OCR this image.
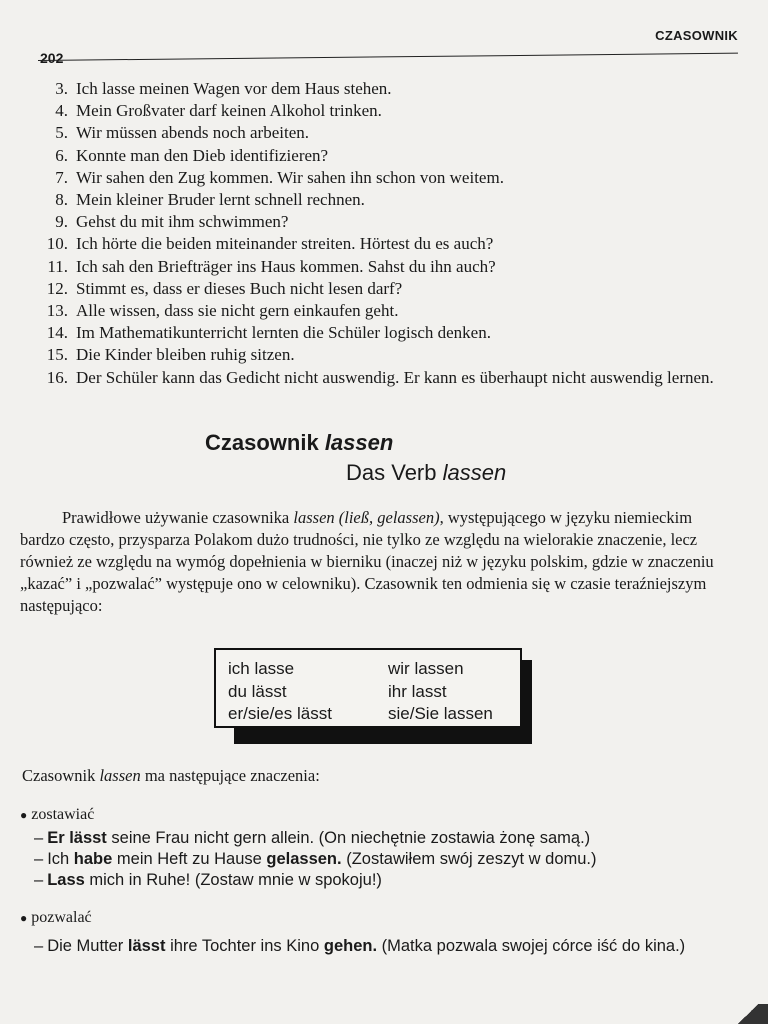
CZASOWNIK
202
3. Ich lasse meinen Wagen vor dem Haus stehen.
4. Mein Großvater darf keinen Alkohol trinken.
5. Wir müssen abends noch arbeiten.
6. Konnte man den Dieb identifizieren?
7. Wir sahen den Zug kommen. Wir sahen ihn schon von weitem.
8. Mein kleiner Bruder lernt schnell rechnen.
9. Gehst du mit ihm schwimmen?
10. Ich hörte die beiden miteinander streiten. Hörtest du es auch?
11. Ich sah den Briefträger ins Haus kommen. Sahst du ihn auch?
12. Stimmt es, dass er dieses Buch nicht lesen darf?
13. Alle wissen, dass sie nicht gern einkaufen geht.
14. Im Mathematikunterricht lernten die Schüler logisch denken.
15. Die Kinder bleiben ruhig sitzen.
16. Der Schüler kann das Gedicht nicht auswendig. Er kann es überhaupt nicht auswendig lernen.
Czasownik lassen
Das Verb lassen

Prawidłowe używanie czasownika lassen (ließ, gelassen), występującego w języku niemieckim bardzo często, przysparza Polakom dużo trudności, nie tylko ze względu na wielorakie znaczenie, lecz również ze względu na wymóg dopełnienia w bierniku (inaczej niż w języku polskim, gdzie w znaczeniu „kazać” i „pozwalać” występuje ono w celowniku). Czasownik ten odmienia się w czasie teraźniejszym następująco:

ich lasse	wir lassen
du lässt	ihr lasst
er/sie/es lässt	sie/Sie lassen
Czasownik lassen ma następujące znaczenia:
● zostawiać
– Er lässt seine Frau nicht gern allein. (On niechętnie zostawia żonę samą.)
– Ich habe mein Heft zu Hause gelassen. (Zostawiłem swój zeszyt w domu.)
– Lass mich in Ruhe! (Zostaw mnie w spokoju!)
● pozwalać
– Die Mutter lässt ihre Tochter ins Kino gehen. (Matka pozwala swojej córce iść do kina.)
